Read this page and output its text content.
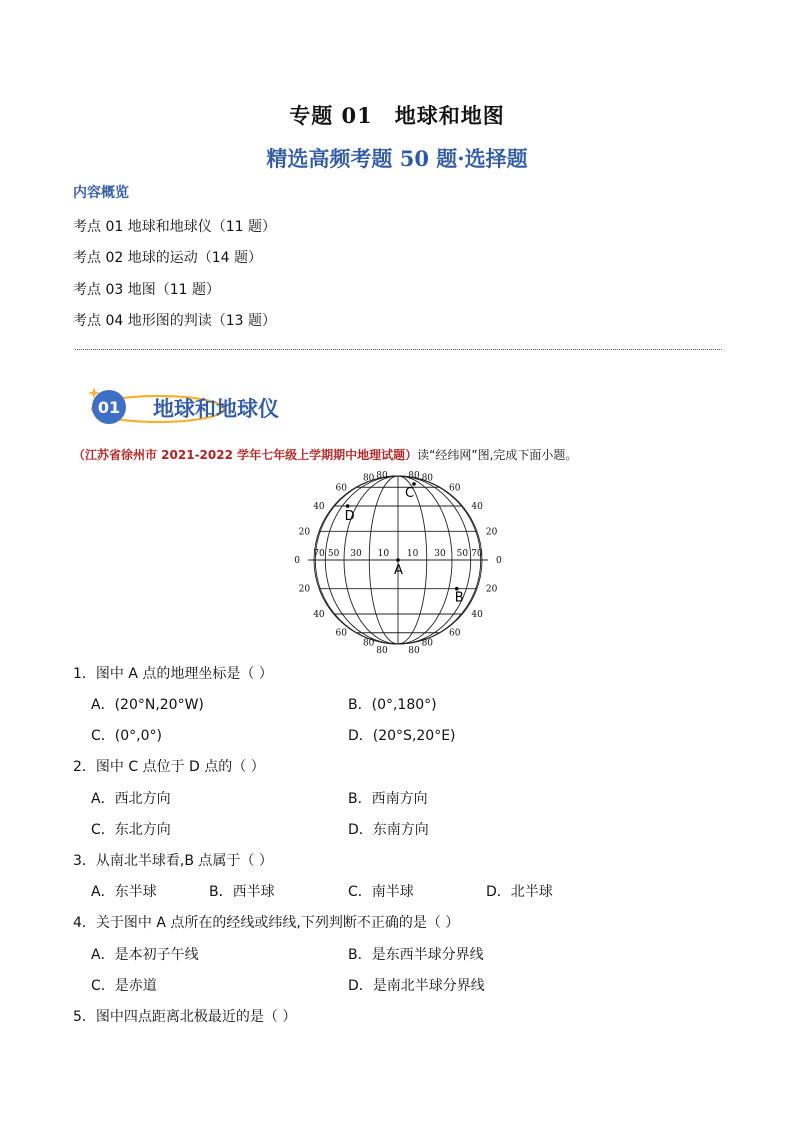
专题 01 地球和地图
精选高频考题 50 题·选择题
内容概览
考点 01 地球和地球仪（11 题）
考点 02 地球的运动（14 题）
考点 03 地图（11 题）
考点 04 地形图的判读（13 题）
01 地球和地球仪
（江苏省徐州市 2021-2022 学年七年级上学期期中地理试题）读“经纬网”图,完成下面小题。
80	80
60	60
40	40
20	20
0	0
20	20
40	40
60	60
80	80
70 50 30 10 10 30 50 70
80 80
80 80
A
B
C
D
1．图中 A 点的地理坐标是（ ）
A．(20°N,20°W)	B．(0°,180°)
C．(0°,0°)	D．(20°S,20°E)
2．图中 C 点位于 D 点的（ ）
A．西北方向	B．西南方向
C．东北方向	D．东南方向
3．从南北半球看,B 点属于（ ）
A．东半球	B．西半球	C．南半球	D．北半球
4．关于图中 A 点所在的经线或纬线,下列判断不正确的是（ ）
A．是本初子午线	B．是东西半球分界线
C．是赤道	D．是南北半球分界线
5．图中四点距离北极最近的是（ ）
